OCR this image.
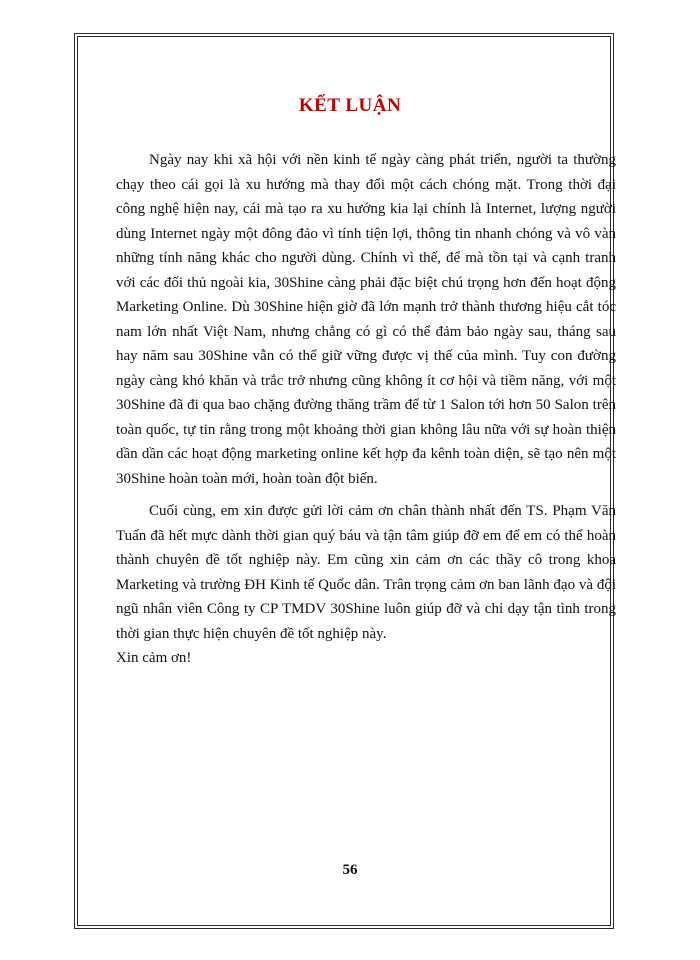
KẾT LUẬN

Ngày nay khi xã hội với nền kinh tế ngày càng phát triển, người ta thường chạy theo cái gọi là xu hướng mà thay đổi một cách chóng mặt. Trong thời đại công nghệ hiện nay, cái mà tạo ra xu hướng kia lại chính là Internet, lượng người dùng Internet ngày một đông đảo vì tính tiện lợi, thông tin nhanh chóng và vô vàn những tính năng khác cho người dùng. Chính vì thế, để mà tồn tại và cạnh tranh với các đối thủ ngoài kia, 30Shine càng phải đặc biệt chú trọng hơn đến hoạt động Marketing Online. Dù 30Shine hiện giờ đã lớn mạnh trở thành thương hiệu cắt tóc nam lớn nhất Việt Nam, nhưng chẳng có gì có thể đảm bảo ngày sau, tháng sau hay năm sau 30Shine vẫn có thể giữ vững được vị thế của mình. Tuy con đường ngày càng khó khăn và trắc trở nhưng cũng không ít cơ hội và tiềm năng, với một 30Shine đã đi qua bao chặng đường thăng trầm để từ 1 Salon tới hơn 50 Salon trên toàn quốc, tự tin rằng trong một khoảng thời gian không lâu nữa với sự hoàn thiện dần dần các hoạt động marketing online kết hợp đa kênh toàn diện, sẽ tạo nên một 30Shine hoàn toàn mới, hoàn toàn đột biến.

Cuối cùng, em xin được gửi lời cảm ơn chân thành nhất đến TS. Phạm Văn Tuấn đã hết mực dành thời gian quý báu và tận tâm giúp đỡ em để em có thể hoàn thành chuyên đề tốt nghiệp này. Em cũng xin cảm ơn các thầy cô trong khoa Marketing và trường ĐH Kinh tế Quốc dân. Trân trọng cảm ơn ban lãnh đạo và đội ngũ nhân viên Công ty CP TMDV 30Shine luôn giúp đỡ và chỉ dạy tận tình trong thời gian thực hiện chuyên đề tốt nghiệp này.

Xin cảm ơn!

56
